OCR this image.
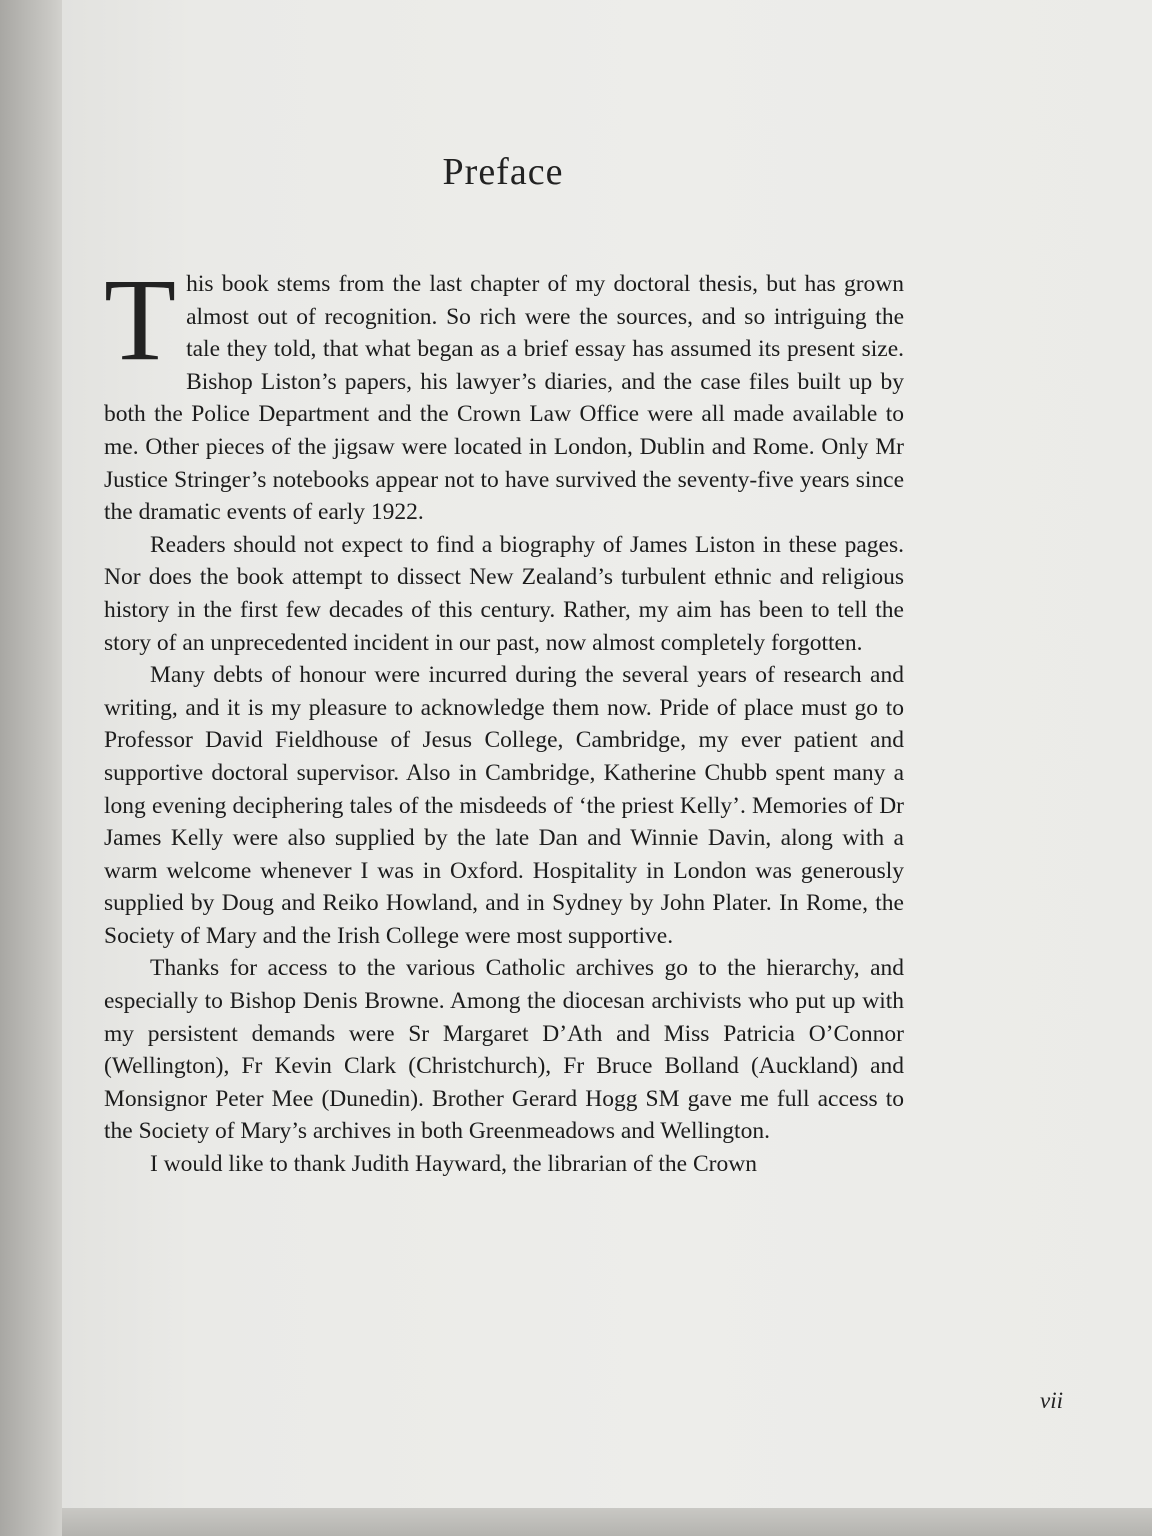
Preface

This book stems from the last chapter of my doctoral thesis, but has grown almost out of recognition. So rich were the sources, and so intriguing the tale they told, that what began as a brief essay has assumed its present size. Bishop Liston’s papers, his lawyer’s diaries, and the case files built up by both the Police Department and the Crown Law Office were all made available to me. Other pieces of the jigsaw were located in London, Dublin and Rome. Only Mr Justice Stringer’s notebooks appear not to have survived the seventy-five years since the dramatic events of early 1922.

Readers should not expect to find a biography of James Liston in these pages. Nor does the book attempt to dissect New Zealand’s turbulent ethnic and religious history in the first few decades of this century. Rather, my aim has been to tell the story of an unprecedented incident in our past, now almost completely forgotten.

Many debts of honour were incurred during the several years of research and writing, and it is my pleasure to acknowledge them now. Pride of place must go to Professor David Fieldhouse of Jesus College, Cambridge, my ever patient and supportive doctoral supervisor. Also in Cambridge, Katherine Chubb spent many a long evening deciphering tales of the misdeeds of ‘the priest Kelly’. Memories of Dr James Kelly were also supplied by the late Dan and Winnie Davin, along with a warm welcome whenever I was in Oxford. Hospitality in London was generously supplied by Doug and Reiko Howland, and in Sydney by John Plater. In Rome, the Society of Mary and the Irish College were most supportive.

Thanks for access to the various Catholic archives go to the hierarchy, and especially to Bishop Denis Browne. Among the diocesan archivists who put up with my persistent demands were Sr Margaret D’Ath and Miss Patricia O’Connor (Wellington), Fr Kevin Clark (Christchurch), Fr Bruce Bolland (Auckland) and Monsignor Peter Mee (Dunedin). Brother Gerard Hogg SM gave me full access to the Society of Mary’s archives in both Greenmeadows and Wellington.

I would like to thank Judith Hayward, the librarian of the Crown

vii
